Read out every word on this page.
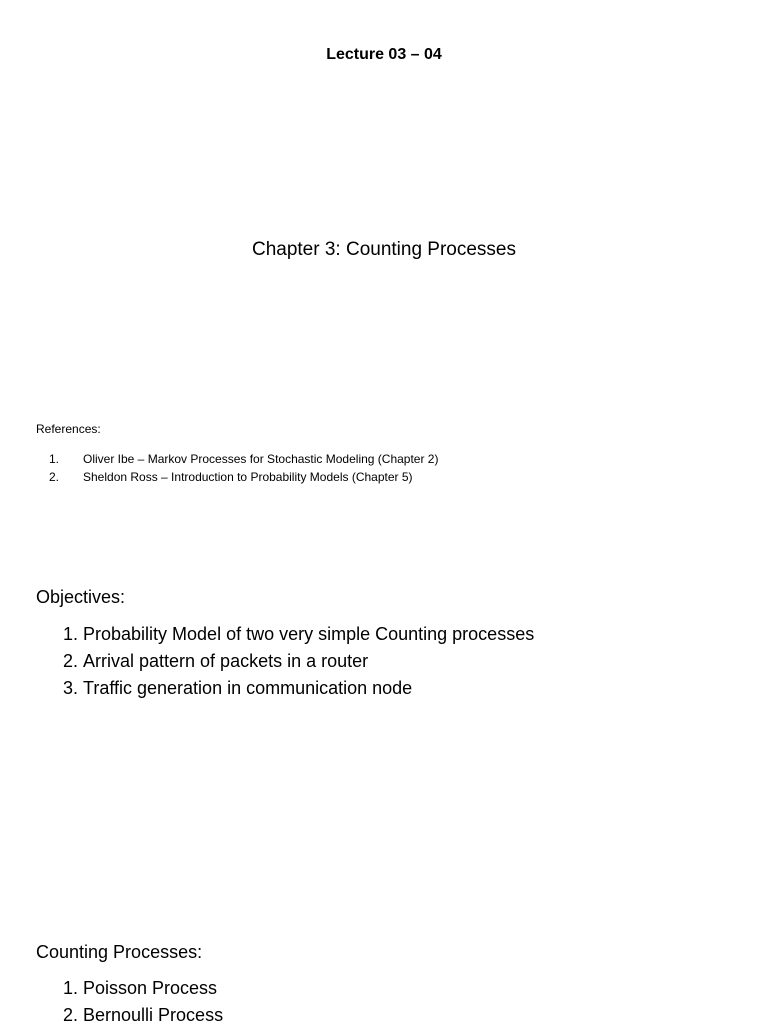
Lecture 03 – 04
Chapter 3: Counting Processes
References:
1.	Oliver Ibe – Markov Processes for Stochastic Modeling (Chapter 2)
2.	Sheldon Ross – Introduction to Probability Models (Chapter 5)
Objectives:
1. Probability Model of two very simple Counting processes
2. Arrival pattern of packets in a router
3. Traffic generation in communication node
Counting Processes:
1. Poisson Process
2. Bernoulli Process
